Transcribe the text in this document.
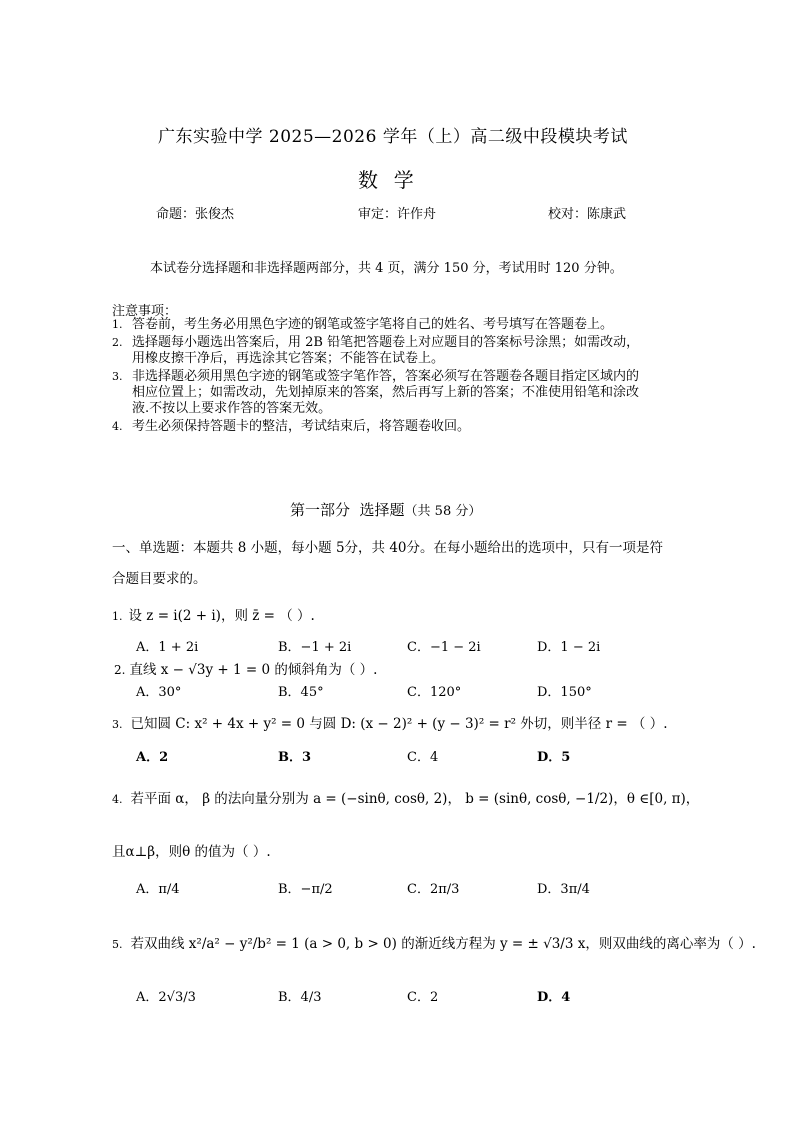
广东实验中学 2025—2026 学年（上）高二级中段模块考试
数  学
命题：张俊杰	审定：许作舟	校对：陈康武
本试卷分选择题和非选择题两部分，共 4 页，满分 150 分，考试用时 120 分钟。
注意事项：
1. 答卷前，考生务必用黑色字迹的钢笔或签字笔将自己的姓名、考号填写在答题卷上。
2. 选择题每小题选出答案后，用 2B 铅笔把答题卷上对应题目的答案标号涂黑；如需改动，
用橡皮擦干净后，再选涂其它答案；不能答在试卷上。
3. 非选择题必须用黑色字迹的钢笔或签字笔作答，答案必须写在答题卷各题目指定区域内的
相应位置上；如需改动，先划掉原来的答案，然后再写上新的答案；不准使用铅笔和涂改
液.不按以上要求作答的答案无效。
4. 考生必须保持答题卡的整洁，考试结束后，将答题卷收回。
第一部分  选择题（共 58 分）
一、单选题：本题共 8 小题，每小题 5分，共 40分。在每小题给出的选项中，只有一项是符
合题目要求的。
1. 设 z = i(2 + i)，则 z̄ = （ ）.
A．1 + 2i	B．−1 + 2i	C．−1 − 2i	D．1 − 2i
2. 直线 x − √3y + 1 = 0 的倾斜角为（ ）.
A．30°	B．45°	C．120°	D．150°
3. 已知圆 C: x² + 4x + y² = 0 与圆 D: (x − 2)² + (y − 3)² = r² 外切，则半径 r = （ ）.
A．2	B．3	C．4	D．5
4. 若平面 α， β 的法向量分别为 a = (−sinθ, cosθ, 2)， b = (sinθ, cosθ, −1/2)，θ ∈[0, π)，
且α⊥β，则θ 的值为（ ）.
A．π/4	B．−π/2	C．2π/3	D．3π/4
5. 若双曲线 x²/a² − y²/b² = 1 (a > 0, b > 0) 的渐近线方程为 y = ± √3/3 x，则双曲线的离心率为（ ）.
A．2√3/3	B．4/3	C．2	D．4
